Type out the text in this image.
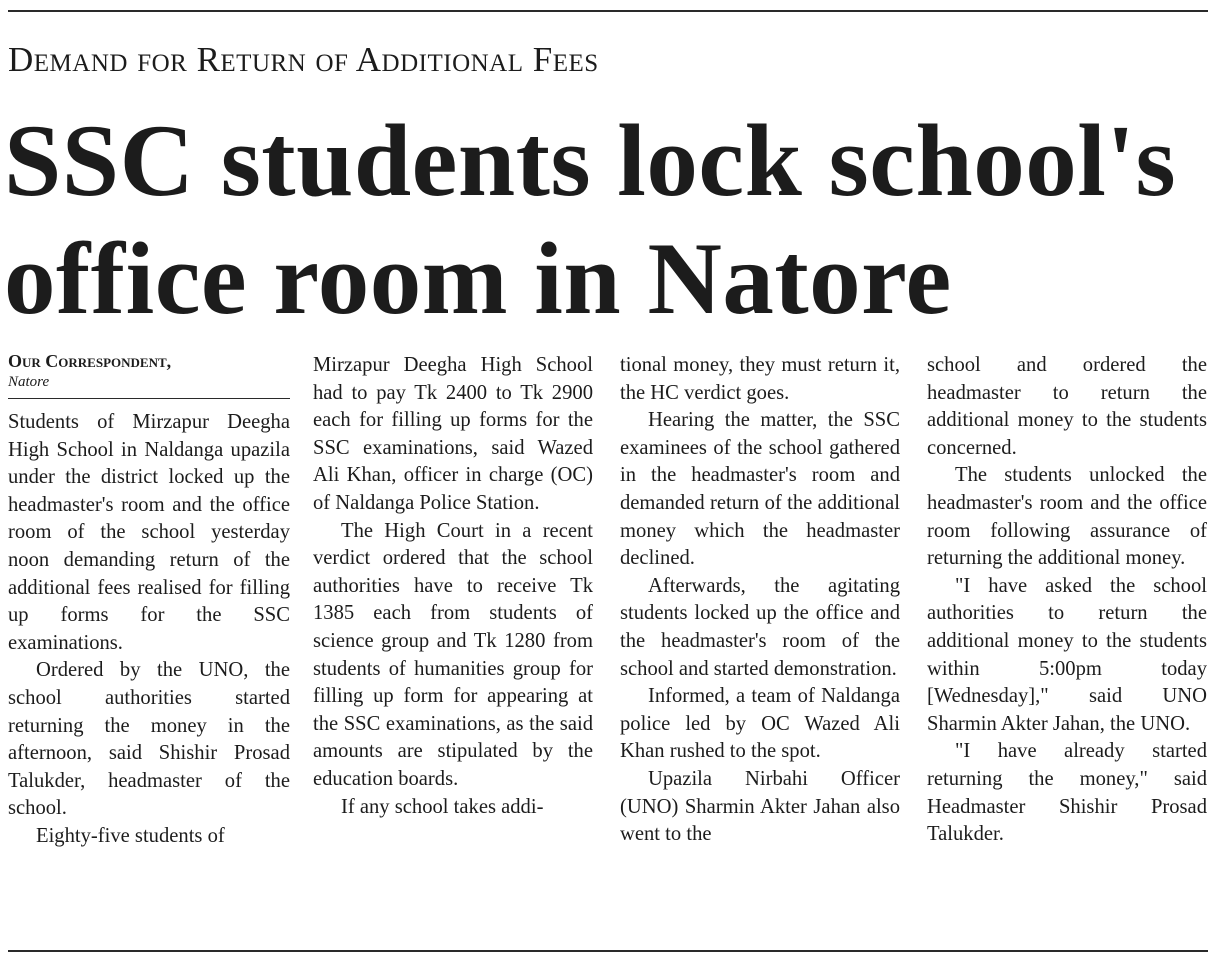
Demand for Return of Additional Fees
SSC students lock school's
office room in Natore
Our Correspondent,
Natore

Students of Mirzapur Deegha High School in Naldanga upazila under the district locked up the headmaster's room and the office room of the school yesterday noon demanding return of the additional fees realised for filling up forms for the SSC examinations.

Ordered by the UNO, the school authorities started returning the money in the afternoon, said Shishir Prosad Talukder, headmaster of the school.

Eighty-five students of

Mirzapur Deegha High School had to pay Tk 2400 to Tk 2900 each for filling up forms for the SSC examinations, said Wazed Ali Khan, officer in charge (OC) of Naldanga Police Station.

The High Court in a recent verdict ordered that the school authorities have to receive Tk 1385 each from students of science group and Tk 1280 from students of humanities group for filling up form for appearing at the SSC examinations, as the said amounts are stipulated by the education boards.

If any school takes addi-

tional money, they must return it, the HC verdict goes.

Hearing the matter, the SSC examinees of the school gathered in the headmaster's room and demanded return of the additional money which the headmaster declined.

Afterwards, the agitating students locked up the office and the headmaster's room of the school and started demonstration.

Informed, a team of Naldanga police led by OC Wazed Ali Khan rushed to the spot.

Upazila Nirbahi Officer (UNO) Sharmin Akter Jahan also went to the

school and ordered the headmaster to return the additional money to the students concerned.

The students unlocked the headmaster's room and the office room following assurance of returning the additional money.

"I have asked the school authorities to return the additional money to the students within 5:00pm today [Wednesday]," said UNO Sharmin Akter Jahan, the UNO.

"I have already started returning the money," said Headmaster Shishir Prosad Talukder.
